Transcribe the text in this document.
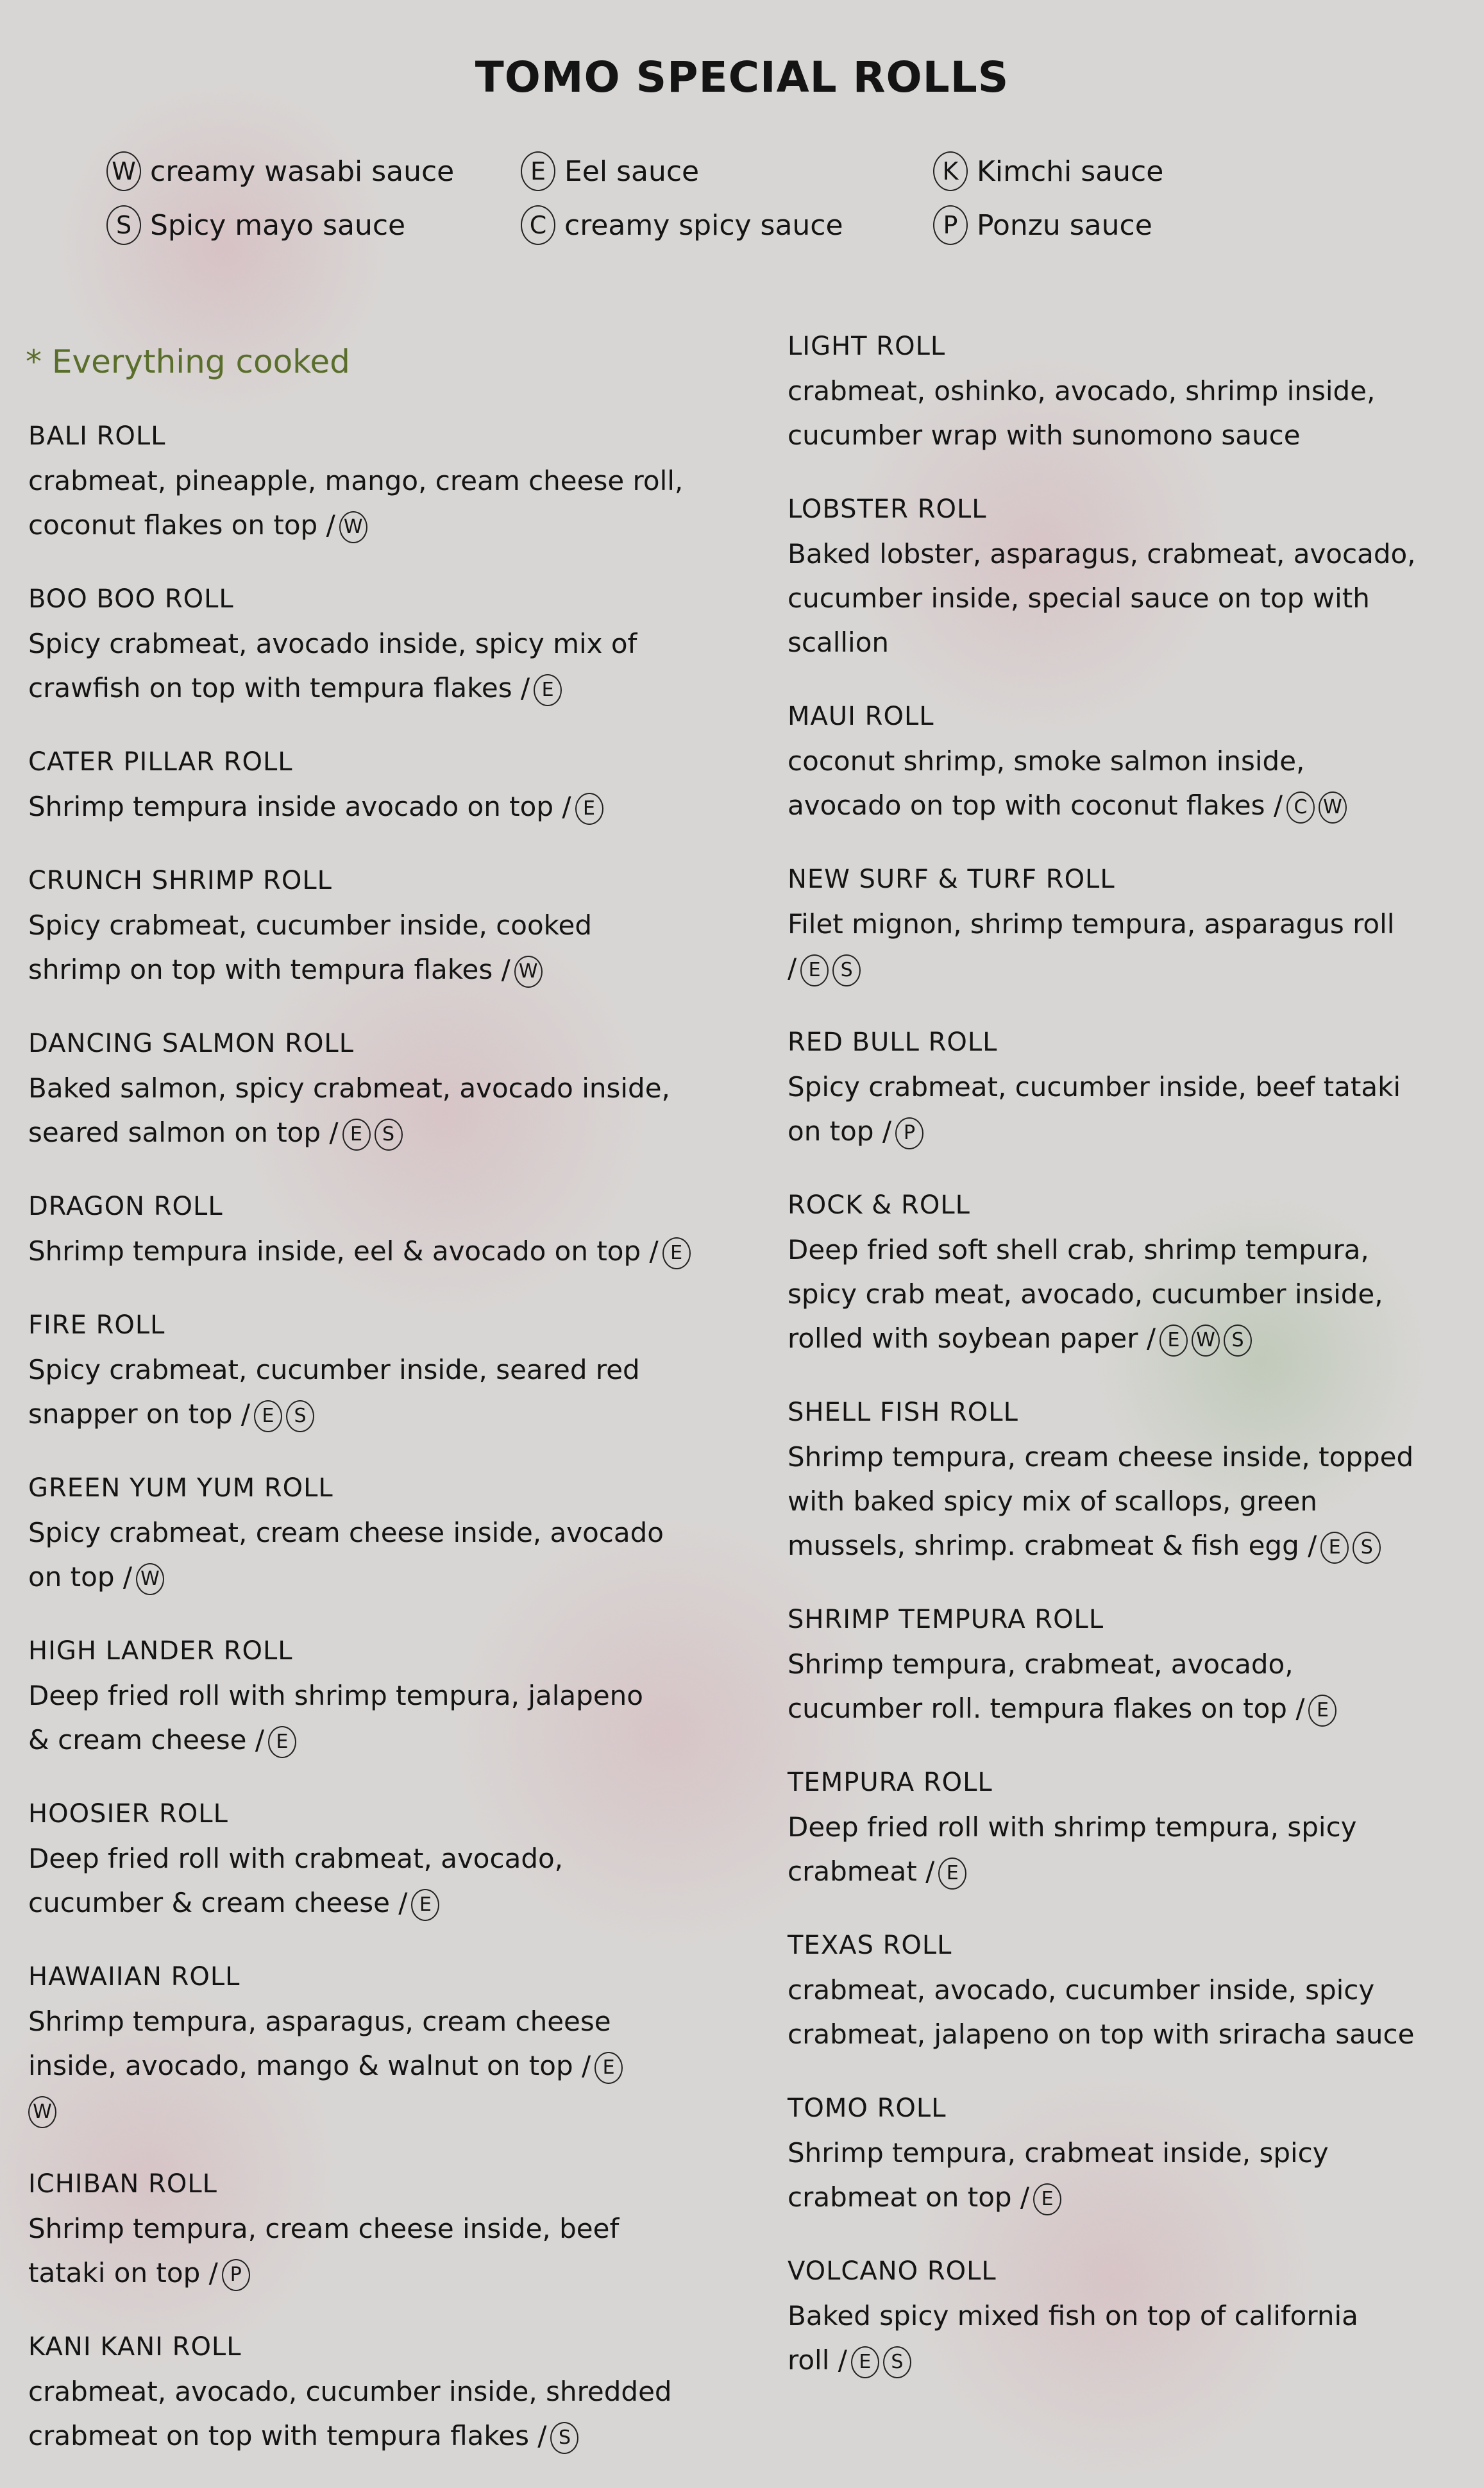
TOMO SPECIAL ROLLS
W creamy wasabi sauce	E Eel sauce	K Kimchi sauce
S Spicy mayo sauce	C creamy spicy sauce	P Ponzu sauce
* Everything cooked
BALI ROLL
crabmeat, pineapple, mango, cream cheese roll,
coconut flakes on top / W
BOO BOO ROLL
Spicy crabmeat, avocado inside, spicy mix of
crawfish on top with tempura flakes / E
CATER PILLAR ROLL
Shrimp tempura inside avocado on top / E
CRUNCH SHRIMP ROLL
Spicy crabmeat, cucumber inside, cooked
shrimp on top with tempura flakes / W
DANCING SALMON ROLL
Baked salmon, spicy crabmeat, avocado inside,
seared salmon on top / E S
DRAGON ROLL
Shrimp tempura inside, eel & avocado on top / E
FIRE ROLL
Spicy crabmeat, cucumber inside, seared red
snapper on top / E S
GREEN YUM YUM ROLL
Spicy crabmeat, cream cheese inside, avocado
on top / W
HIGH LANDER ROLL
Deep fried roll with shrimp tempura, jalapeno
& cream cheese / E
HOOSIER ROLL
Deep fried roll with crabmeat, avocado,
cucumber & cream cheese / E
HAWAIIAN ROLL
Shrimp tempura, asparagus, cream cheese
inside, avocado, mango & walnut on top / E
W
ICHIBAN ROLL
Shrimp tempura, cream cheese inside, beef
tataki on top / P
KANI KANI ROLL
crabmeat, avocado, cucumber inside, shredded
crabmeat on top with tempura flakes / S
LIGHT ROLL
crabmeat, oshinko, avocado, shrimp inside,
cucumber wrap with sunomono sauce
LOBSTER ROLL
Baked lobster, asparagus, crabmeat, avocado,
cucumber inside, special sauce on top with
scallion
MAUI ROLL
coconut shrimp, smoke salmon inside,
avocado on top with coconut flakes / C W
NEW SURF & TURF ROLL
Filet mignon, shrimp tempura, asparagus roll
/ E S
RED BULL ROLL
Spicy crabmeat, cucumber inside, beef tataki
on top / P
ROCK & ROLL
Deep fried soft shell crab, shrimp tempura,
spicy crab meat, avocado, cucumber inside,
rolled with soybean paper / E W S
SHELL FISH ROLL
Shrimp tempura, cream cheese inside, topped
with baked spicy mix of scallops, green
mussels, shrimp. crabmeat & fish egg / E S
SHRIMP TEMPURA ROLL
Shrimp tempura, crabmeat, avocado,
cucumber roll. tempura flakes on top / E
TEMPURA ROLL
Deep fried roll with shrimp tempura, spicy
crabmeat / E
TEXAS ROLL
crabmeat, avocado, cucumber inside, spicy
crabmeat, jalapeno on top with sriracha sauce
TOMO ROLL
Shrimp tempura, crabmeat inside, spicy
crabmeat on top / E
VOLCANO ROLL
Baked spicy mixed fish on top of california
roll / E S
